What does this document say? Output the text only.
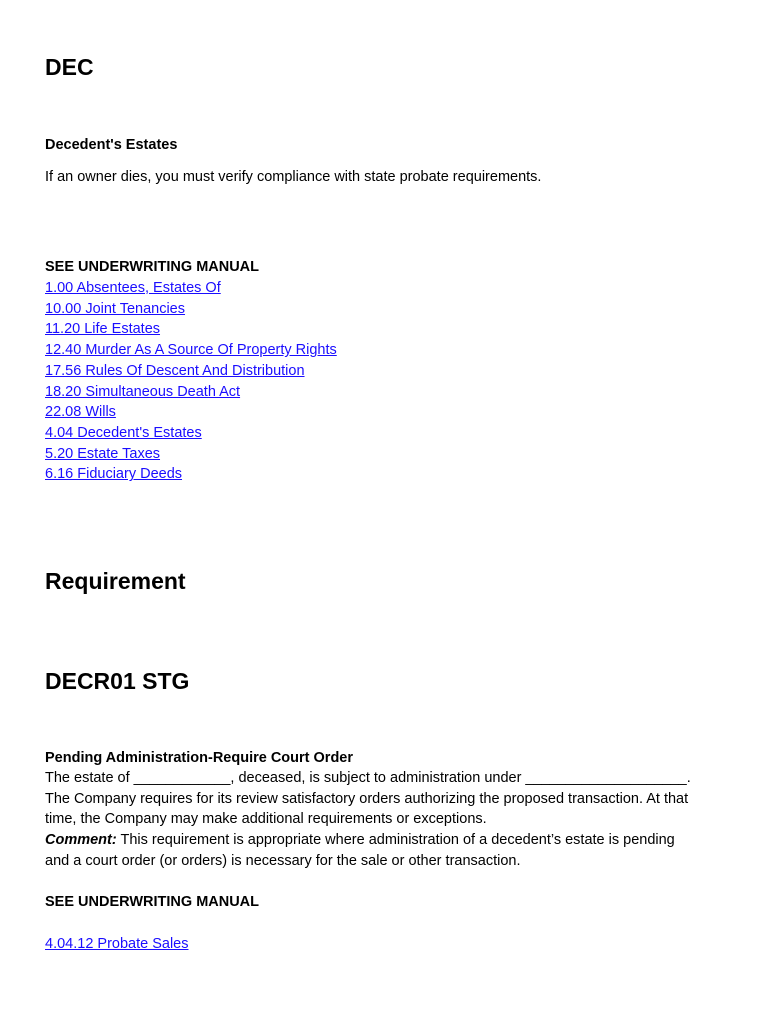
DEC
Decedent's Estates
If an owner dies, you must verify compliance with state probate requirements.
SEE UNDERWRITING MANUAL
1.00 Absentees, Estates Of
10.00 Joint Tenancies
11.20 Life Estates
12.40 Murder As A Source Of Property Rights
17.56 Rules Of Descent And Distribution
18.20 Simultaneous Death Act
22.08 Wills
4.04 Decedent's Estates
5.20 Estate Taxes
6.16 Fiduciary Deeds
Requirement
DECR01 STG
Pending Administration-Require Court Order
The estate of ____________, deceased, is subject to administration under ____________________.
The Company requires for its review satisfactory orders authorizing the proposed transaction. At that
time, the Company may make additional requirements or exceptions.
Comment: This requirement is appropriate where administration of a decedent’s estate is pending
and a court order (or orders) is necessary for the sale or other transaction.
SEE UNDERWRITING MANUAL
4.04.12 Probate Sales
